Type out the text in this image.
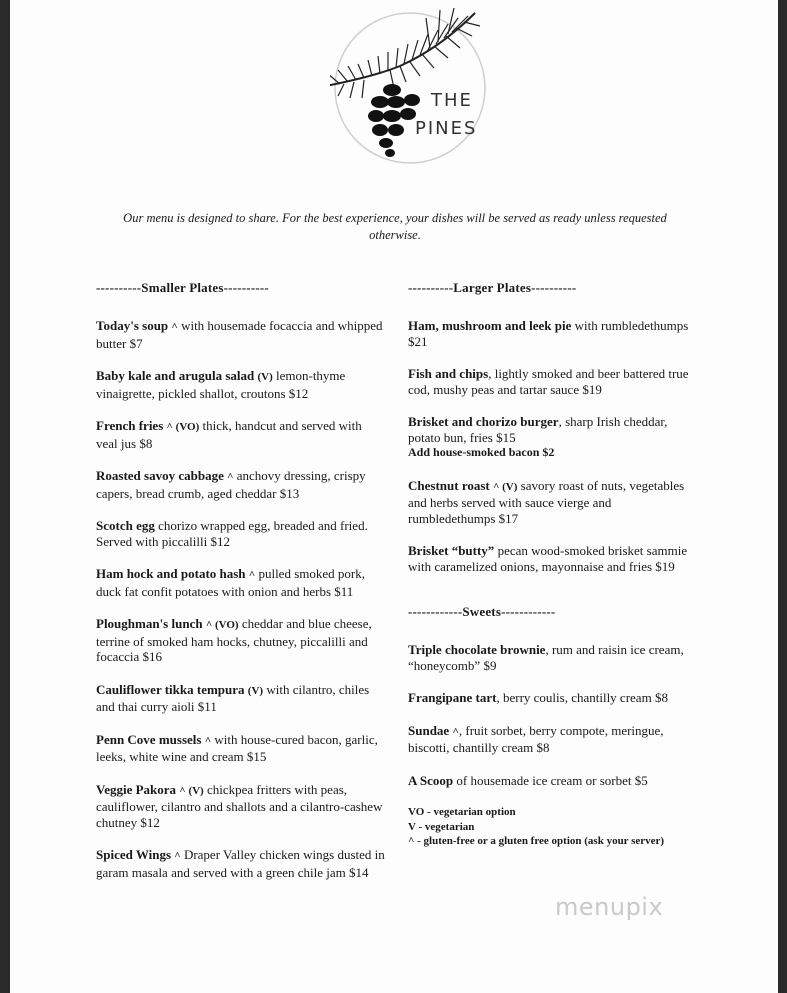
THE
PINES
Our menu is designed to share. For the best experience, your dishes will be served as ready unless requested otherwise.
----------Smaller Plates----------
Today's soup ^ with housemade focaccia and whipped butter $7
Baby kale and arugula salad (V) lemon-thyme vinaigrette, pickled shallot, croutons $12
French fries ^ (VO) thick, handcut and served with veal jus $8
Roasted savoy cabbage ^ anchovy dressing, crispy capers, bread crumb, aged cheddar $13
Scotch egg chorizo wrapped egg, breaded and fried. Served with piccalilli $12
Ham hock and potato hash ^ pulled smoked pork, duck fat confit potatoes with onion and herbs $11
Ploughman's lunch ^ (VO) cheddar and blue cheese, terrine of smoked ham hocks, chutney, piccalilli and focaccia $16
Cauliflower tikka tempura (V) with cilantro, chiles and thai curry aioli $11
Penn Cove mussels ^ with house-cured bacon, garlic, leeks, white wine and cream $15
Veggie Pakora ^ (V) chickpea fritters with peas, cauliflower, cilantro and shallots and a cilantro-cashew chutney $12
Spiced Wings ^ Draper Valley chicken wings dusted in garam masala and served with a green chile jam $14
----------Larger Plates----------
Ham, mushroom and leek pie with rumbledethumps $21
Fish and chips, lightly smoked and beer battered true cod, mushy peas and tartar sauce $19
Brisket and chorizo burger, sharp Irish cheddar, potato bun, fries $15
Add house-smoked bacon $2
Chestnut roast ^ (V) savory roast of nuts, vegetables and herbs served with sauce vierge and rumbledethumps $17
Brisket “butty” pecan wood-smoked brisket sammie with caramelized onions, mayonnaise and fries $19
------------Sweets------------
Triple chocolate brownie, rum and raisin ice cream, “honeycomb” $9
Frangipane tart, berry coulis, chantilly cream $8
Sundae ^, fruit sorbet, berry compote, meringue, biscotti, chantilly cream $8
A Scoop of housemade ice cream or sorbet $5
VO - vegetarian option
V - vegetarian
^ - gluten-free or a gluten free option (ask your server)
menupix
